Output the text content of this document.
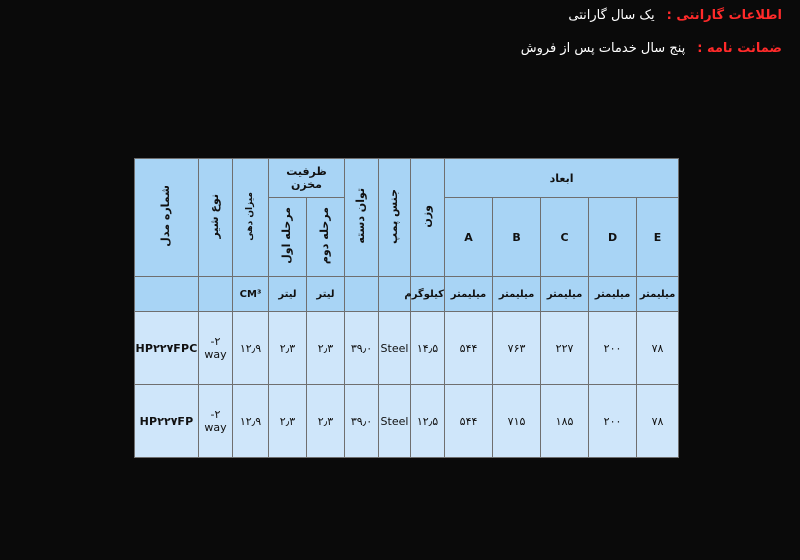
اطلاعات گارانتی :
یک سال گارانتی
ضمانت نامه :
پنج سال خدمات پس از فروش
ابعاد					وزن	جنس پمپ	توان دسته	ظرفیت مخزن		میزان دهی	نوع شیر	شماره مدل
E	D	C	B	A				مرحله دوم	مرحله اول			
میلیمتر	میلیمتر	میلیمتر	میلیمتر	میلیمتر	کیلوگرم			لیتر	لیتر	CM³		
۷۸	۲۰۰	۲۲۷	۷۶۳	۵۴۴	۱۴٫۵	Steel	۳۹٫۰	۲٫۳	۲٫۳	۱۲٫۹	۲- way	HP۲۲۷FPC
۷۸	۲۰۰	۱۸۵	۷۱۵	۵۴۴	۱۲٫۵	Steel	۳۹٫۰	۲٫۳	۲٫۳	۱۲٫۹	۲- way	HP۲۲۷FP
